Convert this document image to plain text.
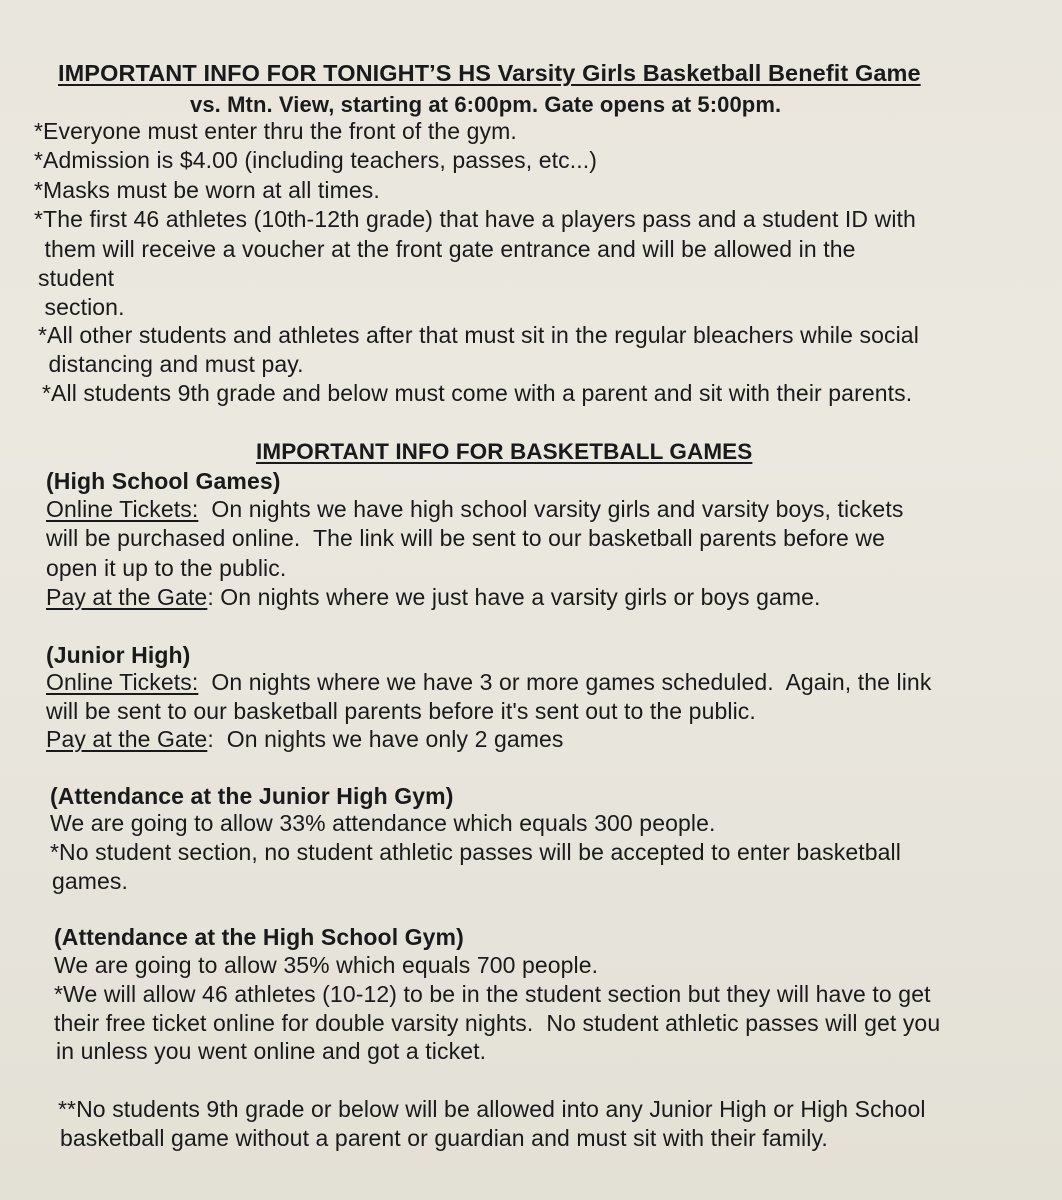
IMPORTANT INFO FOR TONIGHT’S HS Varsity Girls Basketball Benefit Game
vs. Mtn. View, starting at 6:00pm. Gate opens at 5:00pm.
*Everyone must enter thru the front of the gym.
*Admission is $4.00 (including teachers, passes, etc...)
*Masks must be worn at all times.
*The first 46 athletes (10th-12th grade) that have a players pass and a student ID with
them will receive a voucher at the front gate entrance and will be allowed in the
student
section.
*All other students and athletes after that must sit in the regular bleachers while social
distancing and must pay.
*All students 9th grade and below must come with a parent and sit with their parents.
IMPORTANT INFO FOR BASKETBALL GAMES
(High School Games)
Online Tickets:  On nights we have high school varsity girls and varsity boys, tickets
will be purchased online.  The link will be sent to our basketball parents before we
open it up to the public.
Pay at the Gate: On nights where we just have a varsity girls or boys game.
(Junior High)
Online Tickets:  On nights where we have 3 or more games scheduled.  Again, the link
will be sent to our basketball parents before it's sent out to the public.
Pay at the Gate:  On nights we have only 2 games
(Attendance at the Junior High Gym)
We are going to allow 33% attendance which equals 300 people.
*No student section, no student athletic passes will be accepted to enter basketball
games.
(Attendance at the High School Gym)
We are going to allow 35% which equals 700 people.
*We will allow 46 athletes (10-12) to be in the student section but they will have to get
their free ticket online for double varsity nights.  No student athletic passes will get you
in unless you went online and got a ticket.
**No students 9th grade or below will be allowed into any Junior High or High School
basketball game without a parent or guardian and must sit with their family.
